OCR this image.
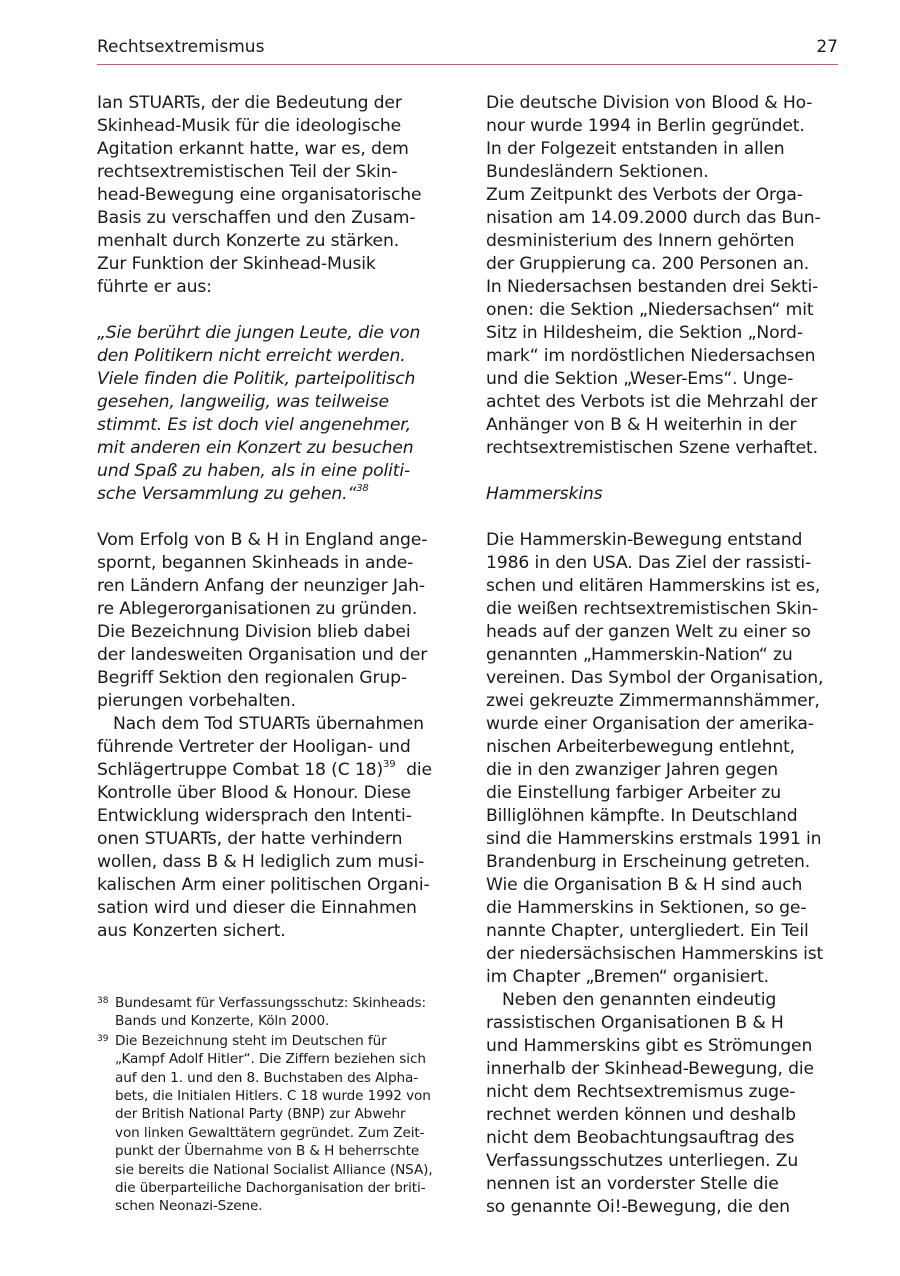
Rechtsextremismus	27
Ian STUARTs, der die Bedeutung der
Skinhead-Musik für die ideologische
Agitation erkannt hatte, war es, dem
rechtsextremistischen Teil der Skin-
head-Bewegung eine organisatorische
Basis zu verschaffen und den Zusam-
menhalt durch Konzerte zu stärken.
Zur Funktion der Skinhead-Musik
führte er aus:
„Sie berührt die jungen Leute, die von
den Politikern nicht erreicht werden.
Viele finden die Politik, parteipolitisch
gesehen, langweilig, was teilweise
stimmt. Es ist doch viel angenehmer,
mit anderen ein Konzert zu besuchen
und Spaß zu haben, als in eine politi-
sche Versammlung zu gehen.“$^{38}$
Vom Erfolg von B & H in England ange-
spornt, begannen Skinheads in ande-
ren Ländern Anfang der neunziger Jah-
re Ablegerorganisationen zu gründen.
Die Bezeichnung Division blieb dabei
der landesweiten Organisation und der
Begriff Sektion den regionalen Grup-
pierungen vorbehalten.
Nach dem Tod STUARTs übernahmen
führende Vertreter der Hooligan- und
Schlägertruppe Combat 18 (C 18)$^{39}$  die
Kontrolle über Blood & Honour. Diese
Entwicklung widersprach den Intenti-
onen STUARTs, der hatte verhindern
wollen, dass B & H lediglich zum musi-
kalischen Arm einer politischen Organi-
sation wird und dieser die Einnahmen
aus Konzerten sichert.
Die deutsche Division von Blood & Ho-
nour wurde 1994 in Berlin gegründet.
In der Folgezeit entstanden in allen
Bundesländern Sektionen.
Zum Zeitpunkt des Verbots der Orga-
nisation am 14.09.2000 durch das Bun-
desministerium des Innern gehörten
der Gruppierung ca. 200 Personen an.
In Niedersachsen bestanden drei Sekti-
onen: die Sektion „Niedersachsen“ mit
Sitz in Hildesheim, die Sektion „Nord-
mark“ im nordöstlichen Niedersachsen
und die Sektion „Weser-Ems“. Unge-
achtet des Verbots ist die Mehrzahl der
Anhänger von B & H weiterhin in der
rechtsextremistischen Szene verhaftet.
Hammerskins
Die Hammerskin-Bewegung entstand
1986 in den USA. Das Ziel der rassisti-
schen und elitären Hammerskins ist es,
die weißen rechtsextremistischen Skin-
heads auf der ganzen Welt zu einer so
genannten „Hammerskin-Nation“ zu
vereinen. Das Symbol der Organisation,
zwei gekreuzte Zimmermannshämmer,
wurde einer Organisation der amerika-
nischen Arbeiterbewegung entlehnt,
die in den zwanziger Jahren gegen
die Einstellung farbiger Arbeiter zu
Billiglöhnen kämpfte. In Deutschland
sind die Hammerskins erstmals 1991 in
Brandenburg in Erscheinung getreten.
Wie die Organisation B & H sind auch
die Hammerskins in Sektionen, so ge-
nannte Chapter, untergliedert. Ein Teil
der niedersächsischen Hammerskins ist
im Chapter „Bremen“ organisiert.
Neben den genannten eindeutig
rassistischen Organisationen B & H
und Hammerskins gibt es Strömungen
innerhalb der Skinhead-Bewegung, die
nicht dem Rechtsextremismus zuge-
rechnet werden können und deshalb
nicht dem Beobachtungsauftrag des
Verfassungsschutzes unterliegen. Zu
nennen ist an vorderster Stelle die
so genannte Oi!-Bewegung, die den
38 Bundesamt für Verfassungsschutz: Skinheads:
Bands und Konzerte, Köln 2000.
39 Die Bezeichnung steht im Deutschen für
„Kampf Adolf Hitler“. Die Ziffern beziehen sich
auf den 1. und den 8. Buchstaben des Alpha-
bets, die Initialen Hitlers. C 18 wurde 1992 von
der British National Party (BNP) zur Abwehr
von linken Gewalttätern gegründet. Zum Zeit-
punkt der Übernahme von B & H beherrschte
sie bereits die National Socialist Alliance (NSA),
die überparteiliche Dachorganisation der briti-
schen Neonazi-Szene.
